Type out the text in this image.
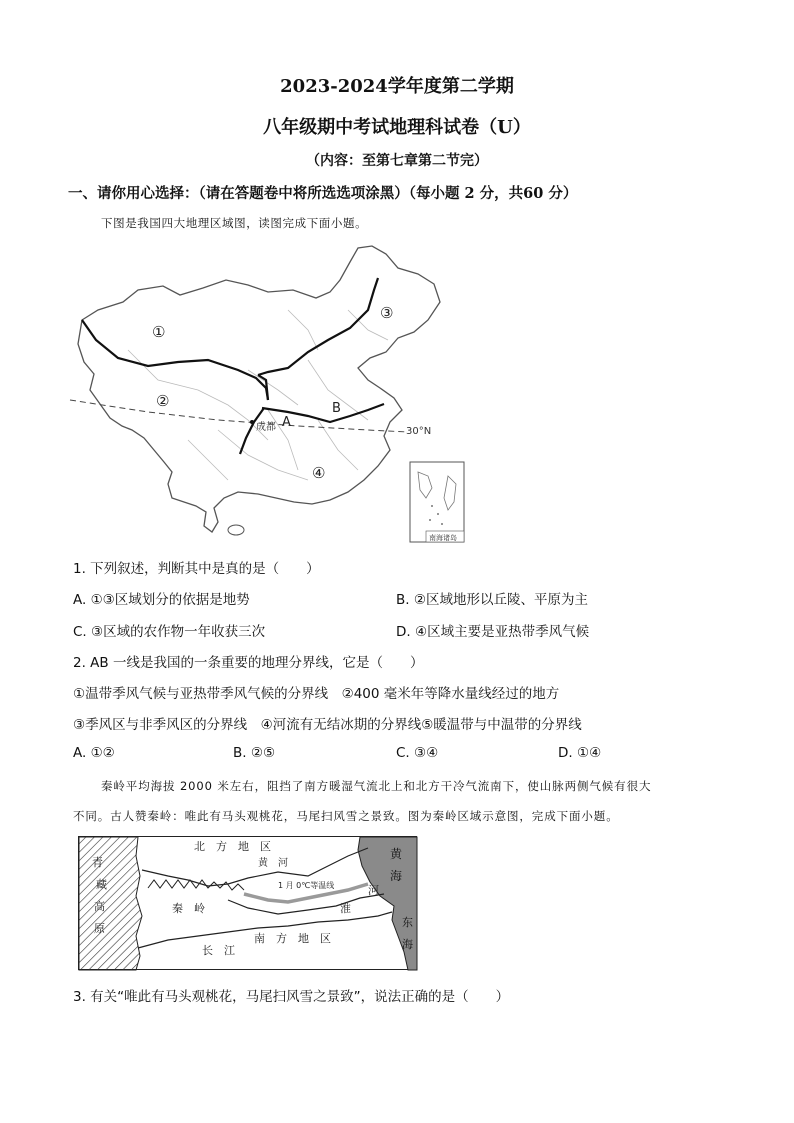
2023-2024学年度第二学期
八年级期中考试地理科试卷（U）
（内容：至第七章第二节完）
一、请你用心选择：（请在答题卷中将所选选项涂黑）（每小题 2 分，共60 分）
下图是我国四大地理区域图，读图完成下面小题。
①
②
③
④
A
B
成都	30°N
南海诸岛
1. 下列叙述，判断其中是真的是（　　）
A. ①③区域划分的依据是地势	B. ②区域地形以丘陵、平原为主
C. ③区域的农作物一年收获三次	D. ④区域主要是亚热带季风气候
2. AB 一线是我国的一条重要的地理分界线，它是（　　）
①温带季风气候与亚热带季风气候的分界线　②400 毫米年等降水量线经过的地方
③季风区与非季风区的分界线　④河流有无结冰期的分界线⑤暖温带与中温带的分界线
A. ①②	B. ②⑤	C. ③④	D. ①④
秦岭平均海拔 2000 米左右，阻挡了南方暖湿气流北上和北方干冷气流南下，使山脉两侧气候有很大
不同。古人赞秦岭：唯此有马头观桃花，马尾扫风雪之景致。图为秦岭区域示意图，完成下面小题。
北　方　地　区
黄　河
秦　岭
1 月 0℃等温线
淮
河
南　方　地　区
长　江
青
藏
高
原
黄
海
东
海
3. 有关“唯此有马头观桃花，马尾扫风雪之景致”，说法正确的是（　　）
